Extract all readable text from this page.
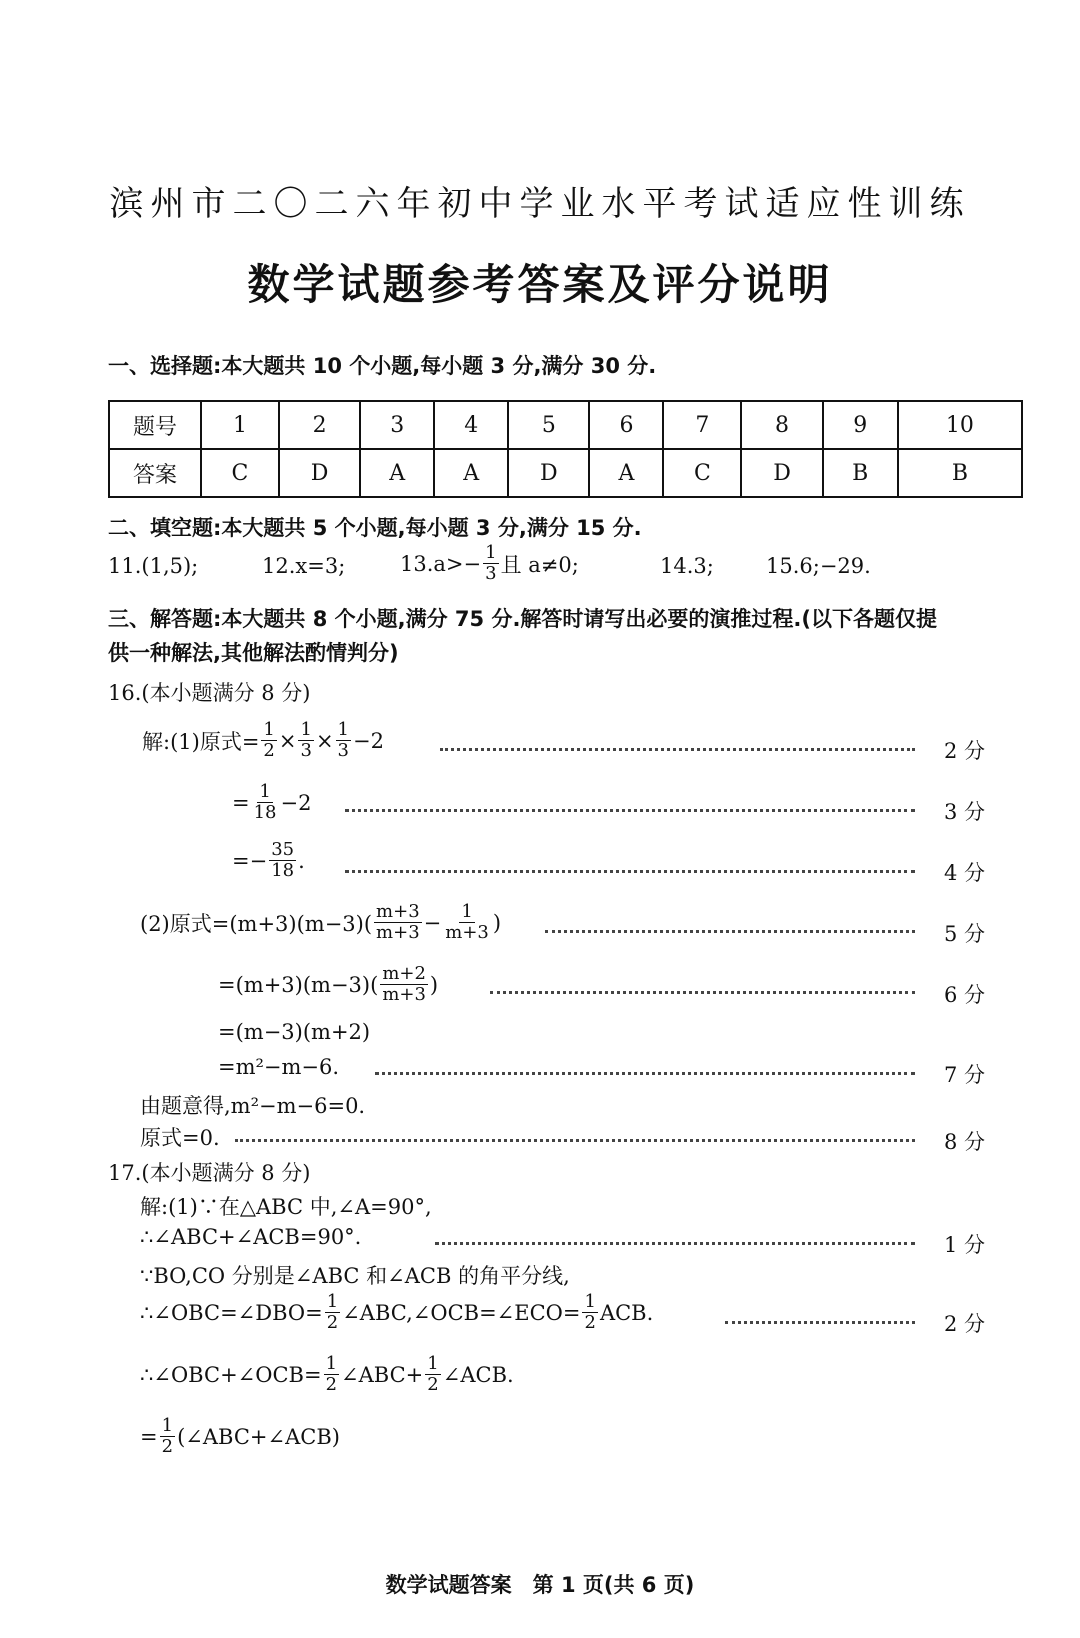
滨州市二〇二六年初中学业水平考试适应性训练
数学试题参考答案及评分说明
一、选择题:本大题共 10 个小题,每小题 3 分,满分 30 分.
题号	1	2	3	4	5	6	7	8	9	10
答案	C	D	A	A	D	A	C	D	B	B
二、填空题:本大题共 5 个小题,每小题 3 分,满分 15 分.
11.(1,5);	12.x=3;	$13.a>- \frac{1}{3}$ 且 a≠0;	14.3; 15.6;−29.
三、解答题:本大题共 8 个小题,满分 75 分.解答时请写出必要的演推过程.(以下各题仅提
供一种解法,其他解法酌情判分)
16.(本小题满分 8 分)
解:(1)原式= $\frac{1}{2} \times \frac{1}{3} \times \frac{1}{3} -2$	2 分
= $\frac{1}{18} -2$	3 分
=− $\frac{35}{18}$ .
4 分
(2)原式$=(m+3)(m-3)( \frac{m+3}{m+3} - \frac{1}{m+3}$ )	5 分
$=(m+3)(m-3)( \frac{m+2}{m+3}$ )	6 分
=(m−3)(m+2)
=m²−m−6.	7 分
由题意得,m²−m−6=0.
原式=0.	8 分
17.(本小题满分 8 分)
解:(1)∵在△ABC 中,∠A=90°,
∴∠ABC+∠ACB=90°.	1 分
∵BO,CO 分别是∠ABC 和∠ACB 的角平分线,
∴∠OBC=∠DBO= $\frac{1}{2}$ ∠ABC,∠OCB=∠ECO= $\frac{1}{2}$ ACB.	2 分
∴∠OBC+∠OCB= $\frac{1}{2}$ ∠ABC+ $\frac{1}{2}$ ∠ACB.
= $\frac{1}{2}$ (∠ABC+∠ACB)
数学试题答案　第 1 页(共 6 页)
